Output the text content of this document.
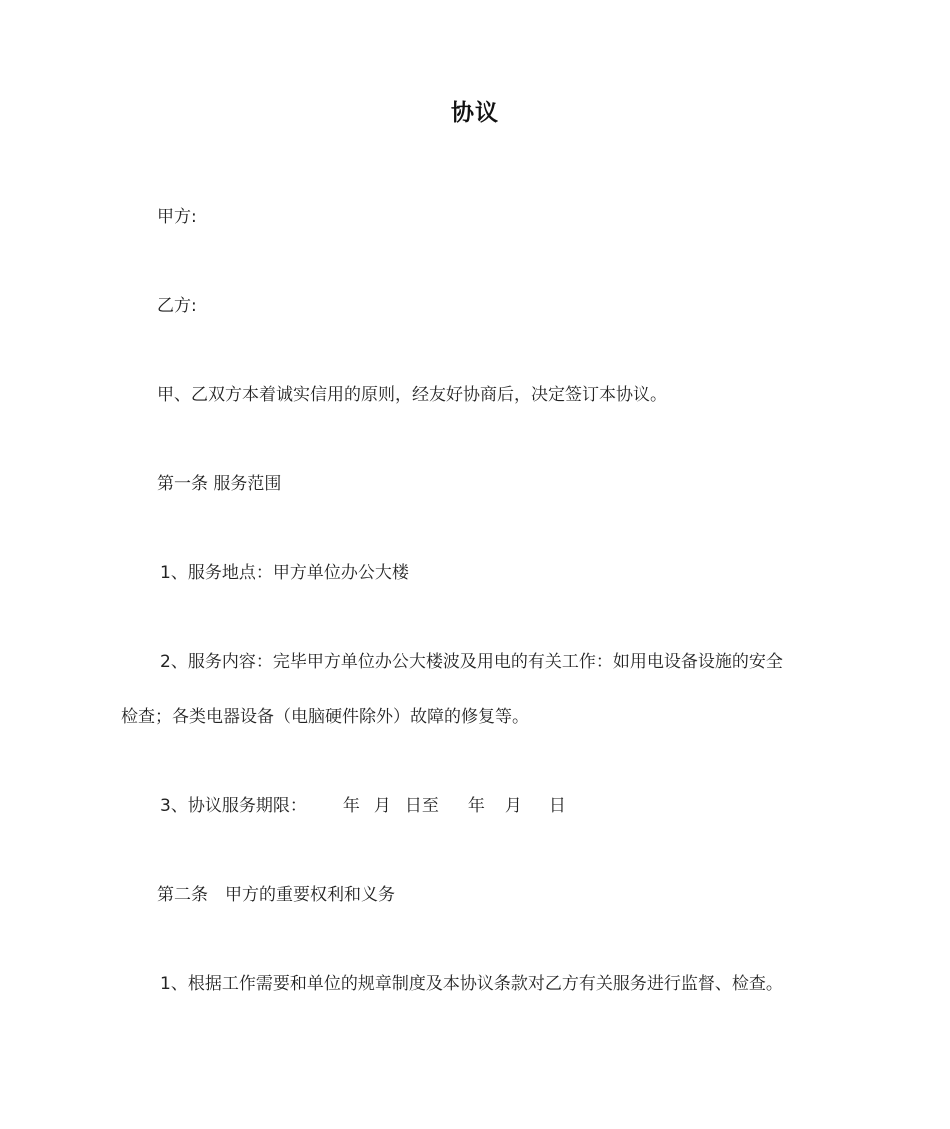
协议
甲方:
乙方:
甲、乙双方本着诚实信用的原则，经友好协商后，决定签订本协议。
第一条 服务范围
1、服务地点：甲方单位办公大楼
2、服务内容：完毕甲方单位办公大楼波及用电的有关工作：如用电设备设施的安全
检查；各类电器设备（电脑硬件除外）故障的修复等。
3、协议服务期限： 年 月 日至 年 月 日
第二条　甲方的重要权利和义务
1、根据工作需要和单位的规章制度及本协议条款对乙方有关服务进行监督、检查。
